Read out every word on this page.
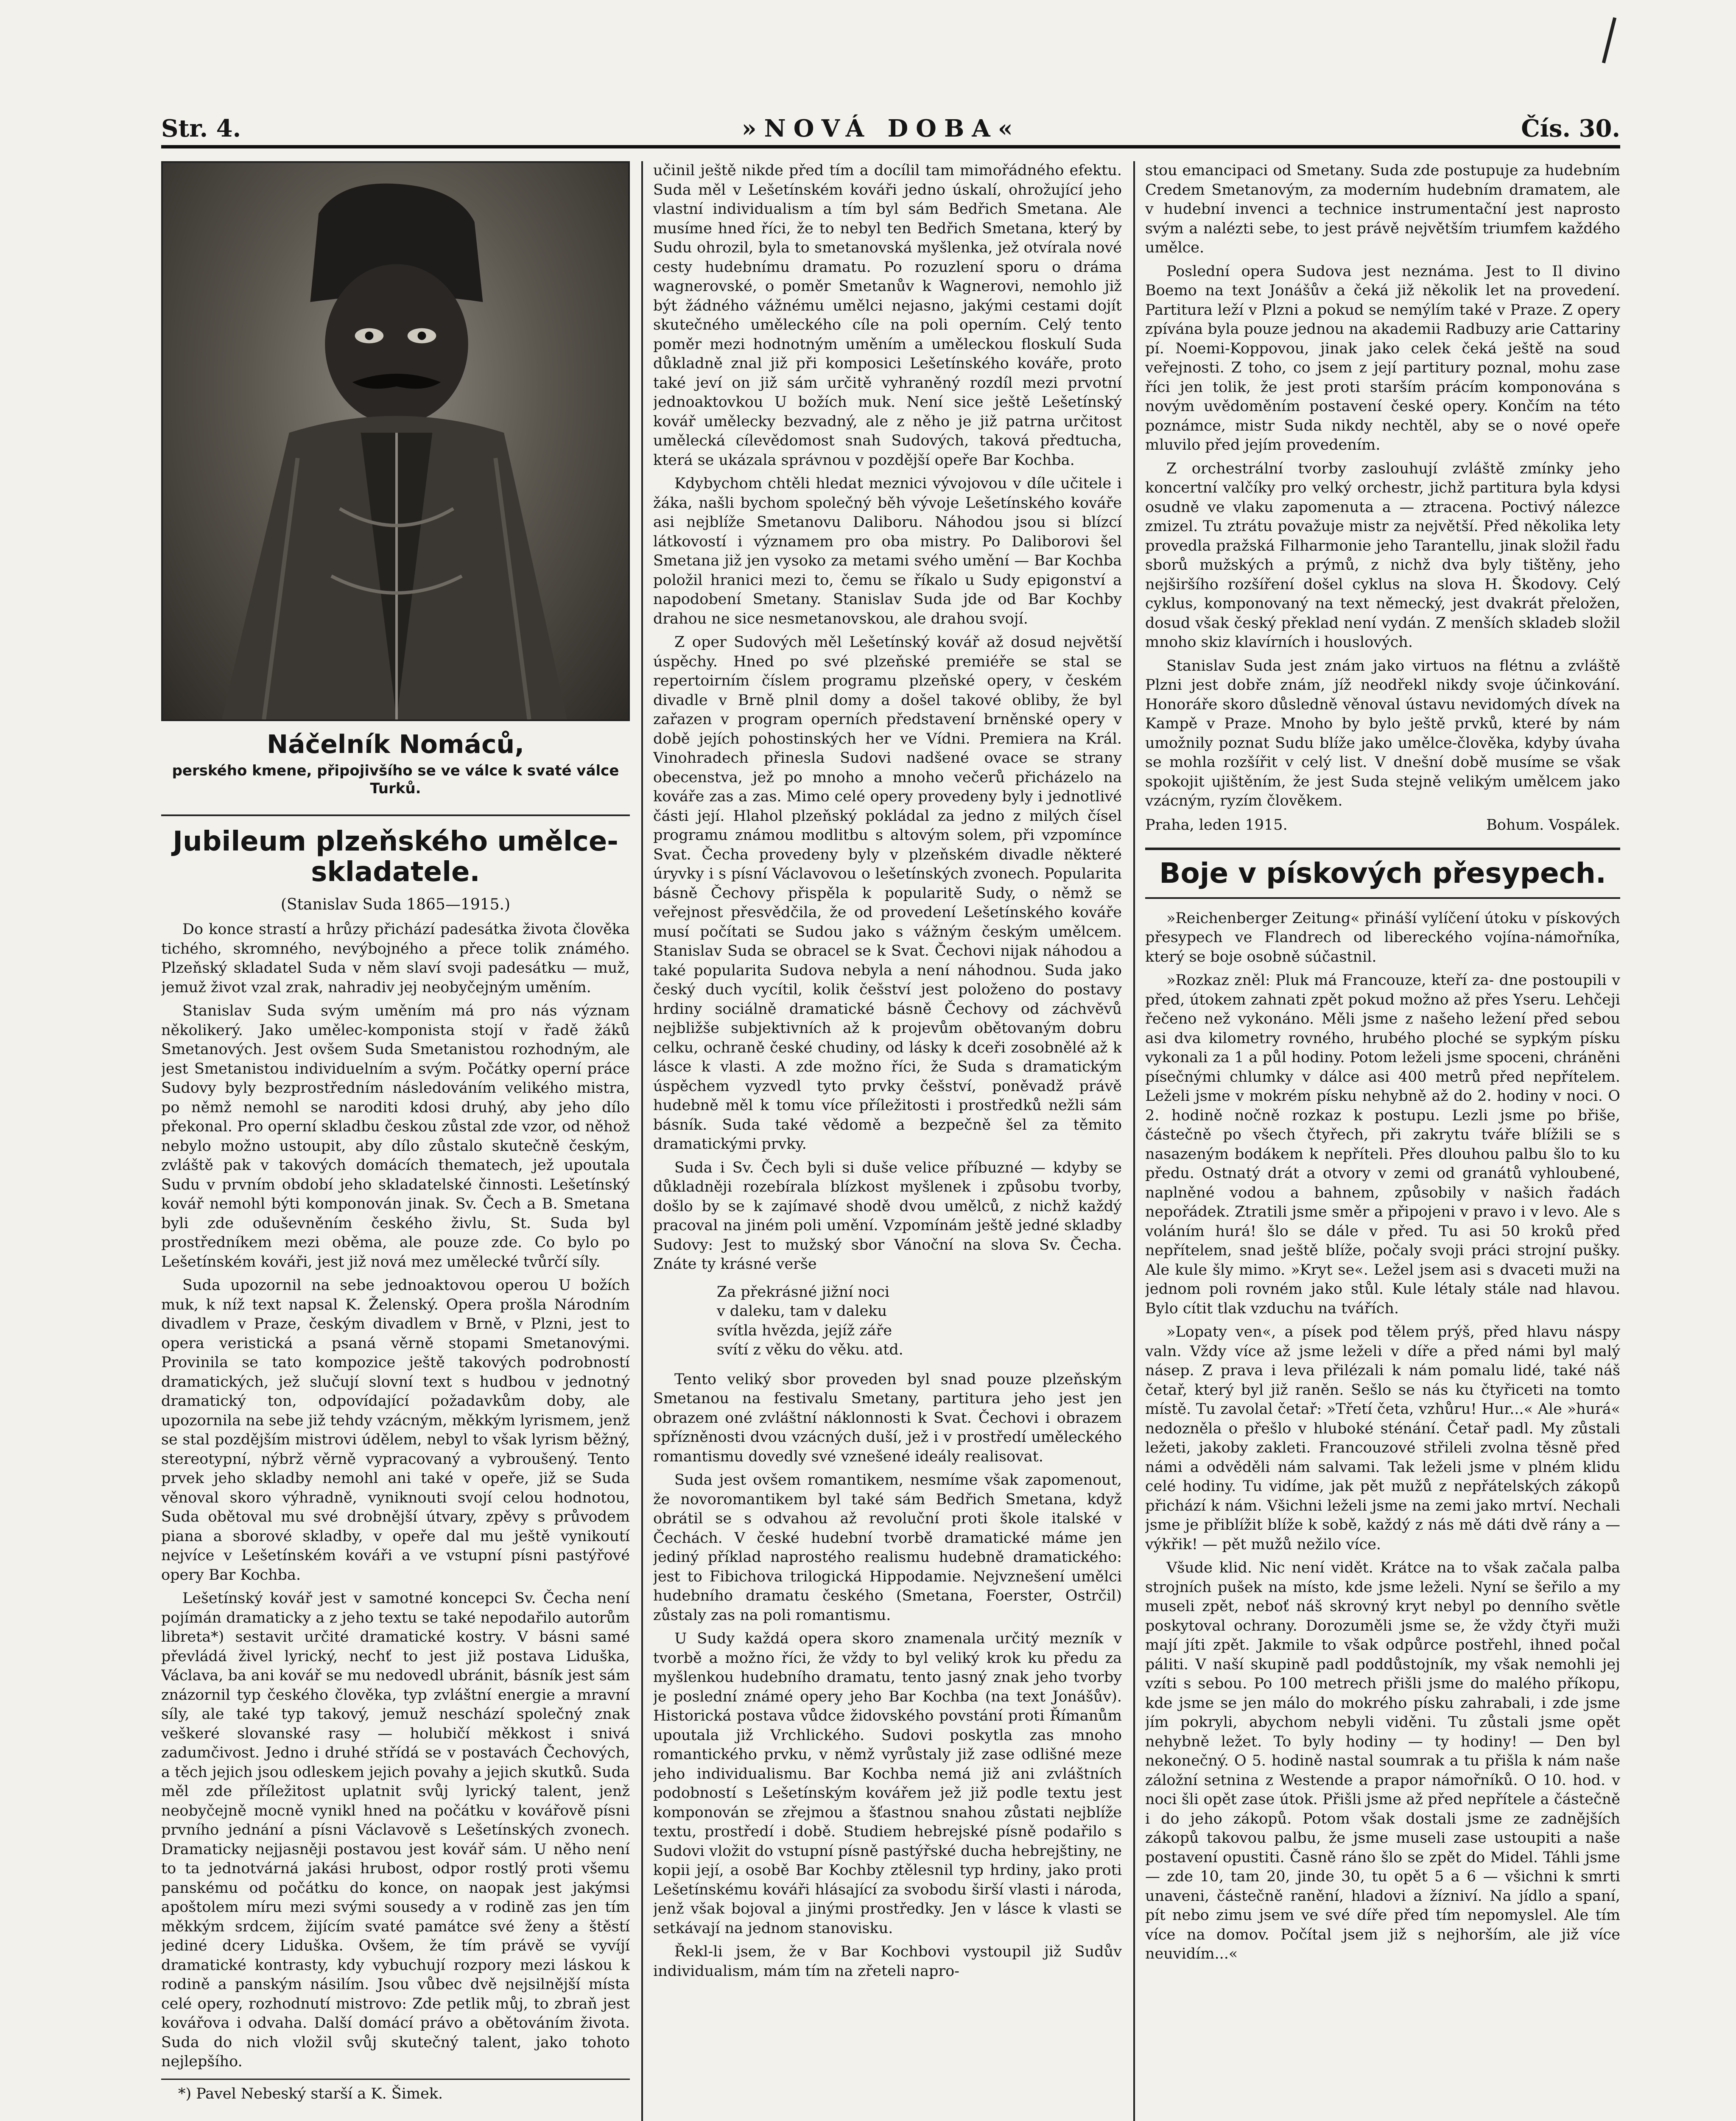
Str. 4.	»NOVÁ DOBA«	Čís. 30.
Náčelník Nomáců,
perského kmene, připojivšího se ve válce k svaté válce Turků.
Jubileum plzeňského umělce-skladatele.
(Stanislav Suda 1865—1915.)

Do konce strastí a hrůzy přichází padesátka života člověka tichého, skromného, nevýbojného a přece tolik známého. Plzeňský skladatel Suda v něm slaví svoji padesátku — muž, jemuž život vzal zrak, nahradiv jej neobyčejným uměním.

Stanislav Suda svým uměním má pro nás význam několikerý. Jako umělec-komponista stojí v řadě žáků Smetanových. Jest ovšem Suda Smetanistou rozhodným, ale jest Smetanistou individuelním a svým. Počátky operní práce Sudovy byly bezprostředním následováním velikého mistra, po němž nemohl se naroditi kdosi druhý, aby jeho dílo překonal. Pro operní skladbu českou zůstal zde vzor, od něhož nebylo možno ustoupit, aby dílo zůstalo skutečně českým, zvláště pak v takových domácích thematech, jež upoutala Sudu v prvním období jeho skladatelské činnosti. Lešetínský kovář nemohl býti komponován jinak. Sv. Čech a B. Smetana byli zde oduševněním českého živlu, St. Suda byl prostředníkem mezi oběma, ale pouze zde. Co bylo po Lešetínském kováři, jest již nová mez umělecké tvůrčí síly.

Suda upozornil na sebe jednoaktovou operou U božích muk, k níž text napsal K. Želenský. Opera prošla Národním divadlem v Praze, českým divadlem v Brně, v Plzni, jest to opera veristická a psaná věrně stopami Smetanovými. Provinila se tato kompozice ještě takových podrobností dramatických, jež slučují slovní text s hudbou v jednotný dramatický ton, odpovídající požadavkům doby, ale upozornila na sebe již tehdy vzácným, měkkým lyrismem, jenž se stal pozdějším mistrovi údělem, nebyl to však lyrism běžný, stereotypní, nýbrž věrně vypracovaný a vybroušený. Tento prvek jeho skladby nemohl ani také v opeře, již se Suda věnoval skoro výhradně, vyniknouti svojí celou hodnotou, Suda obětoval mu své drobnější útvary, zpěvy s průvodem piana a sborové skladby, v opeře dal mu ještě vynikoutí nejvíce v Lešetínském kováři a ve vstupní písni pastýřové opery Bar Kochba.

Lešetínský kovář jest v samotné koncepci Sv. Čecha není pojímán dramaticky a z jeho textu se také nepodařilo autorům libreta*) sestavit určité dramatické kostry. V básni samé převládá živel lyrický, nechť to jest již postava Liduška, Václava, ba ani kovář se mu nedovedl ubránit, básník jest sám znázornil typ českého člověka, typ zvláštní energie a mravní síly, ale také typ takový, jemuž neschází společný znak veškeré slovanské rasy — holubičí měkkost i snivá zadumčivost. Jedno i druhé střídá se v postavách Čechových, a těch jejich jsou odleskem jejich povahy a jejich skutků. Suda měl zde příležitost uplatnit svůj lyrický talent, jenž neobyčejně mocně vynikl hned na počátku v kovářově písni prvního jednání a písni Václavově s Lešetínských zvonech. Dramaticky nejjasněji postavou jest kovář sám. U něho není to ta jednotvárná jakási hrubost, odpor rostlý proti všemu panskému od počátku do konce, on naopak jest jakýmsi apoštolem míru mezi svými sousedy a v rodině zas jen tím měkkým srdcem, žijícím svaté památce své ženy a štěstí jediné dcery Liduška. Ovšem, že tím právě se vyvíjí dramatické kontrasty, kdy vybuchují rozpory mezi láskou k rodině a panským násilím. Jsou vůbec dvě nejsilnější místa celé opery, rozhodnutí mistrovo: Zde petlik můj, to zbraň jest kovářova i odvaha. Další domácí právo a obětováním života. Suda do nich vložil svůj skutečný talent, jako tohoto nejlepšího.

*) Pavel Nebeský starší a K. Šimek.

učinil ještě nikde před tím a docílil tam mimořádného efektu. Suda měl v Lešetínském kováři jedno úskalí, ohrožující jeho vlastní individualism a tím byl sám Bedřich Smetana. Ale musíme hned říci, že to nebyl ten Bedřich Smetana, který by Sudu ohrozil, byla to smetanovská myšlenka, jež otvírala nové cesty hudebnímu dramatu. Po rozuzlení sporu o dráma wagnerovské, o poměr Smetanův k Wagnerovi, nemohlo již být žádného vážnému umělci nejasno, jakými cestami dojít skutečného uměleckého cíle na poli operním. Celý tento poměr mezi hodnotným uměním a uměleckou floskulí Suda důkladně znal již při komposici Lešetínského kováře, proto také jeví on již sám určitě vyhraněný rozdíl mezi prvotní jednoaktovkou U božích muk. Není sice ještě Lešetínský kovář umělecky bezvadný, ale z něho je již patrna určitost umělecká cílevědomost snah Sudových, taková předtucha, která se ukázala správnou v pozdější opeře Bar Kochba.

Kdybychom chtěli hledat meznici vývojovou v díle učitele i žáka, našli bychom společný běh vývoje Lešetínského kováře asi nejblíže Smetanovu Daliboru. Náhodou jsou si blízcí látkovostí i významem pro oba mistry. Po Daliborovi šel Smetana již jen vysoko za metami svého umění — Bar Kochba položil hranici mezi to, čemu se říkalo u Sudy epigonství a napodobení Smetany. Stanislav Suda jde od Bar Kochby drahou ne sice nesmetanovskou, ale drahou svojí.

Z oper Sudových měl Lešetínský kovář až dosud největší úspěchy. Hned po své plzeňské premiéře se stal se repertoirním číslem programu plzeňské opery, v českém divadle v Brně plnil domy a došel takové obliby, že byl zařazen v program operních představení brněnské opery v době jejích pohostinských her ve Vídni. Premiera na Král. Vinohradech přinesla Sudovi nadšené ovace se strany obecenstva, jež po mnoho a mnoho večerů přicházelo na kováře zas a zas. Mimo celé opery provedeny byly i jednotlivé části její. Hlahol plzeňský pokládal za jedno z milých čísel programu známou modlitbu s altovým solem, při vzpomínce Svat. Čecha provedeny byly v plzeňském divadle některé úryvky i s písní Václavovou o lešetínských zvonech. Popularita básně Čechovy přispěla k popularitě Sudy, o němž se veřejnost přesvědčila, že od provedení Lešetínského kováře musí počítati se Sudou jako s vážným českým umělcem. Stanislav Suda se obracel se k Svat. Čechovi nijak náhodou a také popularita Sudova nebyla a není náhodnou. Suda jako český duch vycítil, kolik češství jest položeno do postavy hrdiny sociálně dramatické básně Čechovy od záchvěvů nejbližše subjektivních až k projevům obětovaným dobru celku, ochraně české chudiny, od lásky k dceři zosobnělé až k lásce k vlasti. A zde možno říci, že Suda s dramatickým úspěchem vyzvedl tyto prvky češství, poněvadž právě hudebně měl k tomu více příležitosti i prostředků nežli sám básník. Suda také vědomě a bezpečně šel za těmito dramatickými prvky.

Suda i Sv. Čech byli si duše velice příbuzné — kdyby se důkladněji rozebírala blízkost myšlenek i způsobu tvorby, došlo by se k zajímavé shodě dvou umělců, z nichž každý pracoval na jiném poli umění. Vzpomínám ještě jedné skladby Sudovy: Jest to mužský sbor Vánoční na slova Sv. Čecha. Znáte ty krásné verše

Za překrásné jižní noci
v daleku, tam v daleku
svítla hvězda, jejíž záře
svítí z věku do věku. atd.

Tento veliký sbor proveden byl snad pouze plzeňským Smetanou na festivalu Smetany, partitura jeho jest jen obrazem oné zvláštní náklonnosti k Svat. Čechovi i obrazem spřízněnosti dvou vzácných duší, jež i v prostředí uměleckého romantismu dovedly své vznešené ideály realisovat.

Suda jest ovšem romantikem, nesmíme však zapomenout, že novoromantikem byl také sám Bedřich Smetana, když obrátil se s odvahou až revoluční proti škole italské v Čechách. V české hudební tvorbě dramatické máme jen jediný příklad naprostého realismu hudebně dramatického: jest to Fibichova trilogická Hippodamie. Nejvznešení umělci hudebního dramatu českého (Smetana, Foerster, Ostrčil) zůstaly zas na poli romantismu.

U Sudy každá opera skoro znamenala určitý mezník v tvorbě a možno říci, že vždy to byl veliký krok ku předu za myšlenkou hudebního dramatu, tento jasný znak jeho tvorby je poslední známé opery jeho Bar Kochba (na text Jonášův). Historická postava vůdce židovského povstání proti Římanům upoutala již Vrchlického. Sudovi poskytla zas mnoho romantického prvku, v němž vyrůstaly již zase odlišné meze jeho individualismu. Bar Kochba nemá již ani zvláštních podobností s Lešetínským kovářem jež již podle textu jest komponován se zřejmou a šťastnou snahou zůstati nejblíže textu, prostředí i době. Studiem hebrejské písně podařilo s Sudovi vložit do vstupní písně pastýřské ducha hebrejštiny, ne kopii její, a osobě Bar Kochby ztělesnil typ hrdiny, jako proti Lešetínskému kováři hlásající za svobodu širší vlasti i národa, jenž však bojoval a jinými prostředky. Jen v lásce k vlasti se setkávají na jednom stanovisku.

Řekl-li jsem, že v Bar Kochbovi vystoupil již Sudův individualism, mám tím na zřeteli napro-

stou emancipaci od Smetany. Suda zde postupuje za hudebním Credem Smetanovým, za moderním hudebním dramatem, ale v hudební invenci a technice instrumentační jest naprosto svým a nalézti sebe, to jest právě největším triumfem každého umělce.

Poslední opera Sudova jest neznáma. Jest to Il divino Boemo na text Jonášův a čeká již několik let na provedení. Partitura leží v Plzni a pokud se nemýlím také v Praze. Z opery zpívána byla pouze jednou na akademii Radbuzy arie Cattariny pí. Noemi-Koppovou, jinak jako celek čeká ještě na soud veřejnosti. Z toho, co jsem z její partitury poznal, mohu zase říci jen tolik, že jest proti starším prácím komponována s novým uvědoměním postavení české opery. Končím na této poznámce, mistr Suda nikdy nechtěl, aby se o nové opeře mluvilo před jejím provedením.

Z orchestrální tvorby zaslouhují zvláště zmínky jeho koncertní valčíky pro velký orchestr, jichž partitura byla kdysi osudně ve vlaku zapomenuta a — ztracena. Poctivý nálezce zmizel. Tu ztrátu považuje mistr za největší. Před několika lety provedla pražská Filharmonie jeho Tarantellu, jinak složil řadu sborů mužských a prýmů, z nichž dva byly tištěny, jeho nejširšího rozšíření došel cyklus na slova H. Škodovy. Celý cyklus, komponovaný na text německý, jest dvakrát přeložen, dosud však český překlad není vydán. Z menších skladeb složil mnoho skiz klavírních i houslových.

Stanislav Suda jest znám jako virtuos na flétnu a zvláště Plzni jest dobře znám, jíž neodřekl nikdy svoje účinkování. Honoráře skoro důsledně věnoval ústavu nevidomých dívek na Kampě v Praze. Mnoho by bylo ještě prvků, které by nám umožnily poznat Sudu blíže jako umělce-člověka, kdyby úvaha se mohla rozšířit v celý list. V dnešní době musíme se však spokojit ujištěním, že jest Suda stejně velikým umělcem jako vzácným, ryzím člověkem.

Praha, leden 1915.	Bohum. Vospálek.
Boje v pískových přesypech.

»Reichenberger Zeitung« přináší vylíčení útoku v pískových přesypech ve Flandrech od libereckého vojína-námořníka, který se boje osobně súčastnil.

»Rozkaz zněl: Pluk má Francouze, kteří za- dne postoupili v před, útokem zahnati zpět pokud možno až přes Yseru. Lehčeji řečeno než vykonáno. Měli jsme z našeho ležení před sebou asi dva kilometry rovného, hrubého ploché se sypkým písku vykonali za 1 a půl hodiny. Potom leželi jsme spoceni, chráněni písečnými chlumky v dálce asi 400 metrů před nepřítelem. Leželi jsme v mokrém písku nehybně až do 2. hodiny v noci. O 2. hodině nočně rozkaz k postupu. Lezli jsme po břiše, částečně po všech čtyřech, při zakrytu tváře blížili se s nasazeným bodákem k nepříteli. Přes dlouhou palbu šlo to ku předu. Ostnatý drát a otvory v zemi od granátů vyhloubené, naplněné vodou a bahnem, způsobily v našich řadách nepořádek. Ztratili jsme směr a připojeni v pravo i v levo. Ale s voláním hurá! šlo se dále v před. Tu asi 50 kroků před nepřítelem, snad ještě blíže, počaly svoji práci strojní pušky. Ale kule šly mimo. »Kryt se«. Ležel jsem asi s dvaceti muži na jednom poli rovném jako stůl. Kule létaly stále nad hlavou. Bylo cítit tlak vzduchu na tvářích.

»Lopaty ven«, a písek pod tělem prýš, před hlavu náspy valn. Vždy více až jsme leželi v díře a před námi byl malý násep. Z prava i leva přilézali k nám pomalu lidé, také náš četař, který byl již raněn. Sešlo se nás ku čtyřiceti na tomto místě. Tu zavolal četař: »Třetí četa, vzhůru! Hur...« Ale »hurá« nedozněla o přešlo v hluboké sténání. Četař padl. My zůstali ležeti, jakoby zakleti. Francouzové střileli zvolna těsně před námi a odvěděli nám salvami. Tak leželi jsme v plném klidu celé hodiny. Tu vidíme, jak pět mužů z nepřátelských zákopů přichází k nám. Všichni leželi jsme na zemi jako mrtví. Nechali jsme je přiblížit blíže k sobě, každý z nás mě dáti dvě rány a — výkřik! — pět mužů nežilo více.

Všude klid. Nic není vidět. Krátce na to však začala palba strojních pušek na místo, kde jsme leželi. Nyní se šeřilo a my museli zpět, neboť náš skrovný kryt nebyl po denního světle poskytoval ochrany. Dorozuměli jsme se, že vždy čtyři muži mají jíti zpět. Jakmile to však odpůrce postřehl, ihned počal páliti. V naší skupině padl poddůstojník, my však nemohli jej vzíti s sebou. Po 100 metrech přišli jsme do malého příkopu, kde jsme se jen málo do mokrého písku zahrabali, i zde jsme jím pokryli, abychom nebyli viděni. Tu zůstali jsme opět nehybně ležet. To byly hodiny — ty hodiny! — Den byl nekonečný. O 5. hodině nastal soumrak a tu přišla k nám naše záložní setnina z Westende a prapor námořníků. O 10. hod. v noci šli opět zase útok. Přišli jsme až před nepřítele a částečně i do jeho zákopů. Potom však dostali jsme ze zadnějších zákopů takovou palbu, že jsme museli zase ustoupiti a naše postavení opustiti. Časně ráno šlo se zpět do Midel. Táhli jsme — zde 10, tam 20, jinde 30, tu opět 5 a 6 — všichni k smrti unaveni, částečně ranění, hladovi a žízniví. Na jídlo a spaní, pít nebo zimu jsem ve své díře před tím nepomyslel. Ale tím více na domov. Počítal jsem již s nejhorším, ale již více neuvidím...«
